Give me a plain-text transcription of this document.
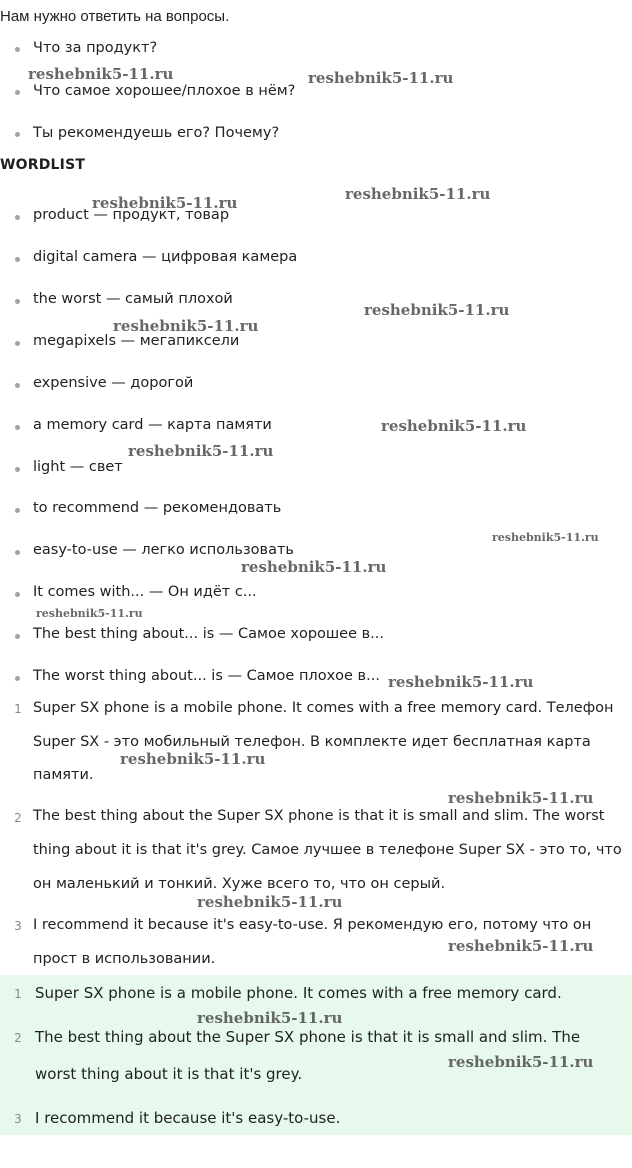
Нам нужно ответить на вопросы.
Что за продукт?
Что самое хорошее/плохое в нём?
Ты рекомендуешь его? Почему?
WORDLIST
product — продукт, товар
digital camera — цифровая камера
the worst — самый плохой
megapixels — мегапиксели
expensive — дорогой
a memory card — карта памяти
light — свет
to recommend — рекомендовать
easy-to-use — легко использовать
It comes with... — Он идёт с...
The best thing about... is — Самое хорошее в...
The worst thing about... is — Самое плохое в...
1 Super SX phone is a mobile phone. It comes with a free memory card. Телефон
Super SX - это мобильный телефон. В комплекте идет бесплатная карта
памяти.
2 The best thing about the Super SX phone is that it is small and slim. The worst
thing about it is that it's grey. Самое лучшее в телефоне Super SX - это то, что
он маленький и тонкий. Хуже всего то, что он серый.
3 I recommend it because it's easy-to-use. Я рекомендую его, потому что он
прост в использовании.
1 Super SX phone is a mobile phone. It comes with a free memory card.
2 The best thing about the Super SX phone is that it is small and slim. The
worst thing about it is that it's grey.
3 I recommend it because it's easy-to-use.
reshebnik5-11.ru	reshebnik5-11.ru
reshebnik5-11.ru	reshebnik5-11.ru
reshebnik5-11.ru
reshebnik5-11.ru
reshebnik5-11.ru
reshebnik5-11.ru
reshebnik5-11.ru
reshebnik5-11.ru
reshebnik5-11.ru
reshebnik5-11.ru
reshebnik5-11.ru
reshebnik5-11.ru
reshebnik5-11.ru
reshebnik5-11.ru
reshebnik5-11.ru
reshebnik5-11.ru
